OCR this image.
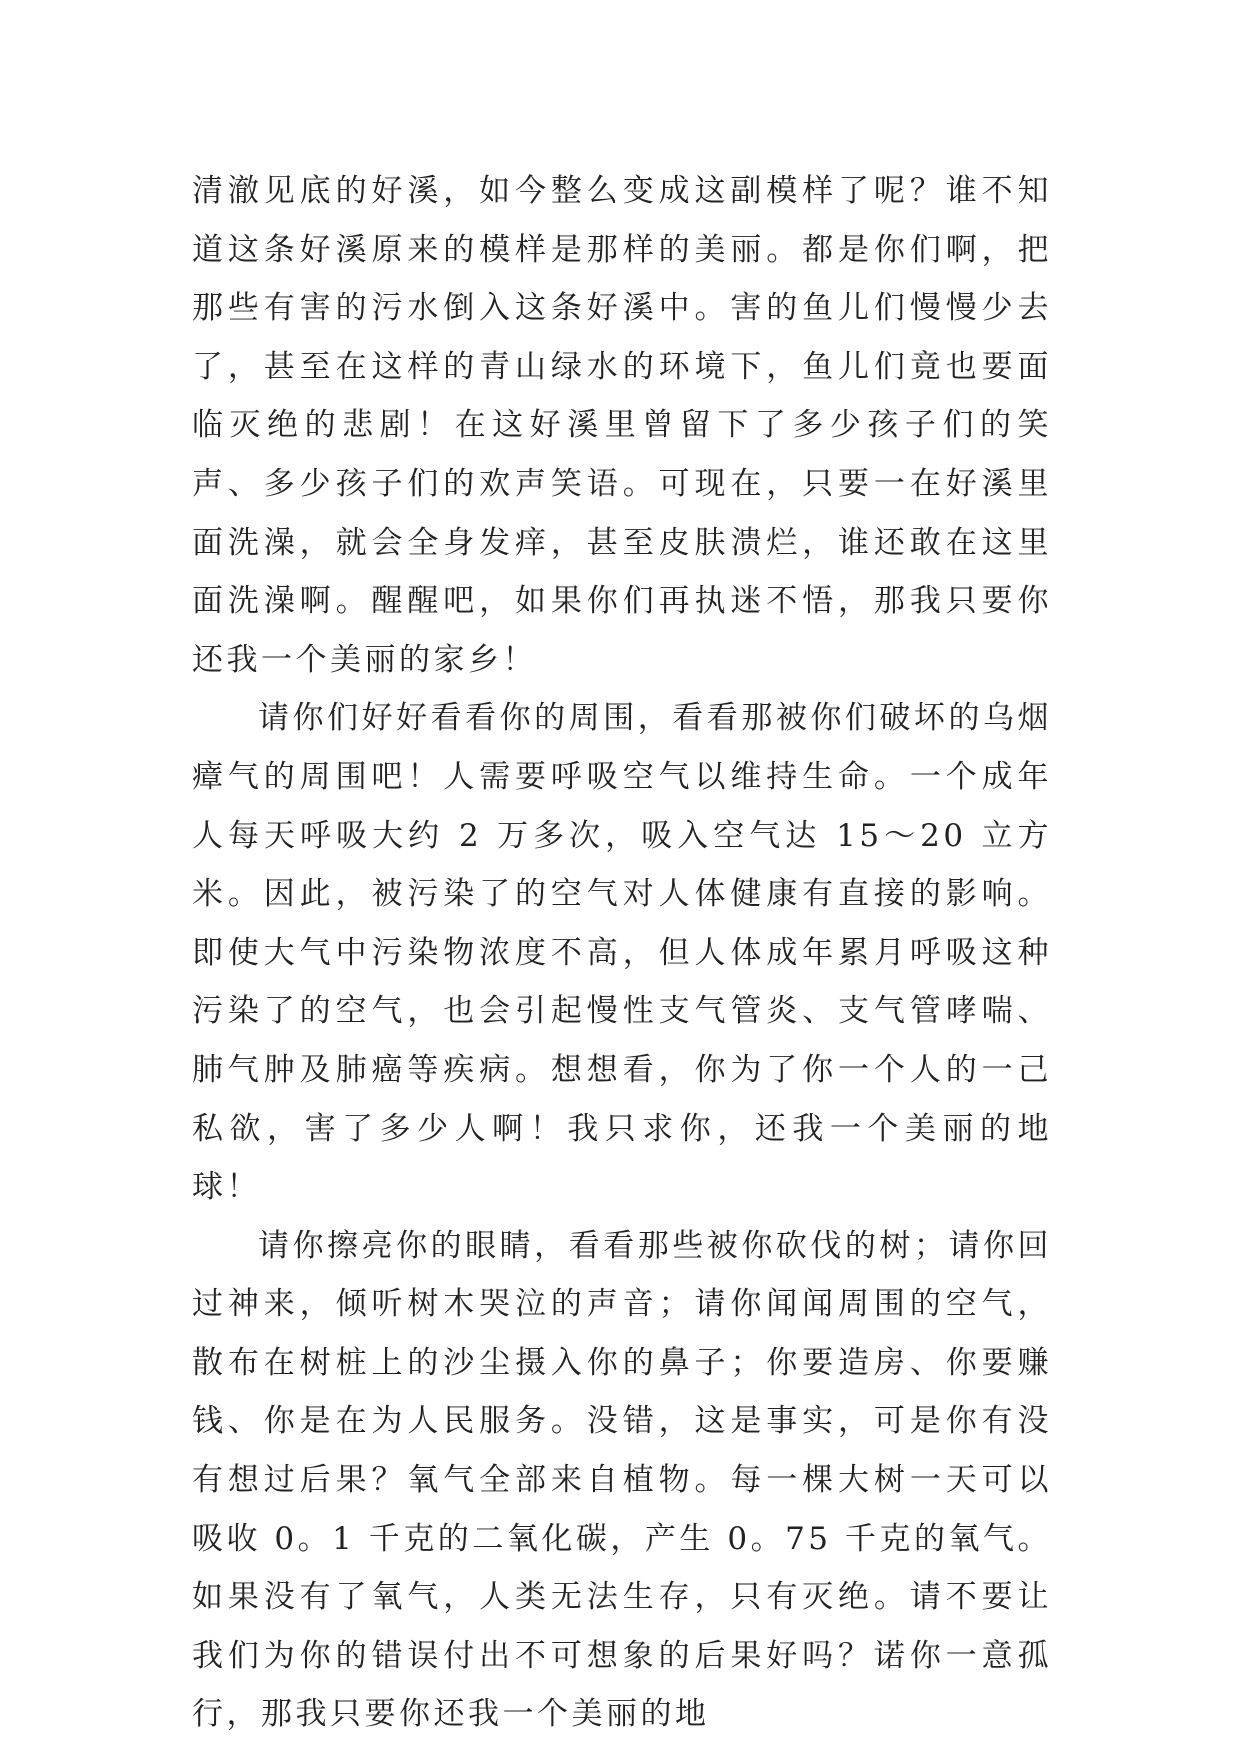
清澈见底的好溪，如今整么变成这副模样了呢？谁不知道这条好溪原来的模样是那样的美丽。都是你们啊，把那些有害的污水倒入这条好溪中。害的鱼儿们慢慢少去了，甚至在这样的青山绿水的环境下，鱼儿们竟也要面临灭绝的悲剧！在这好溪里曾留下了多少孩子们的笑声、多少孩子们的欢声笑语。可现在，只要一在好溪里面洗澡，就会全身发痒，甚至皮肤溃烂，谁还敢在这里面洗澡啊。醒醒吧，如果你们再执迷不悟，那我只要你还我一个美丽的家乡！

请你们好好看看你的周围，看看那被你们破坏的乌烟瘴气的周围吧！人需要呼吸空气以维持生命。一个成年人每天呼吸大约 2 万多次，吸入空气达 15～20 立方米。因此，被污染了的空气对人体健康有直接的影响。即使大气中污染物浓度不高，但人体成年累月呼吸这种污染了的空气，也会引起慢性支气管炎、支气管哮喘、肺气肿及肺癌等疾病。想想看，你为了你一个人的一己私欲，害了多少人啊！我只求你，还我一个美丽的地球！

请你擦亮你的眼睛，看看那些被你砍伐的树；请你回过神来，倾听树木哭泣的声音；请你闻闻周围的空气，散布在树桩上的沙尘摄入你的鼻子；你要造房、你要赚钱、你是在为人民服务。没错，这是事实，可是你有没有想过后果？氧气全部来自植物。每一棵大树一天可以吸收 0。1 千克的二氧化碳，产生 0。75 千克的氧气。如果没有了氧气，人类无法生存，只有灭绝。请不要让我们为你的错误付出不可想象的后果好吗？诺你一意孤行，那我只要你还我一个美丽的地
